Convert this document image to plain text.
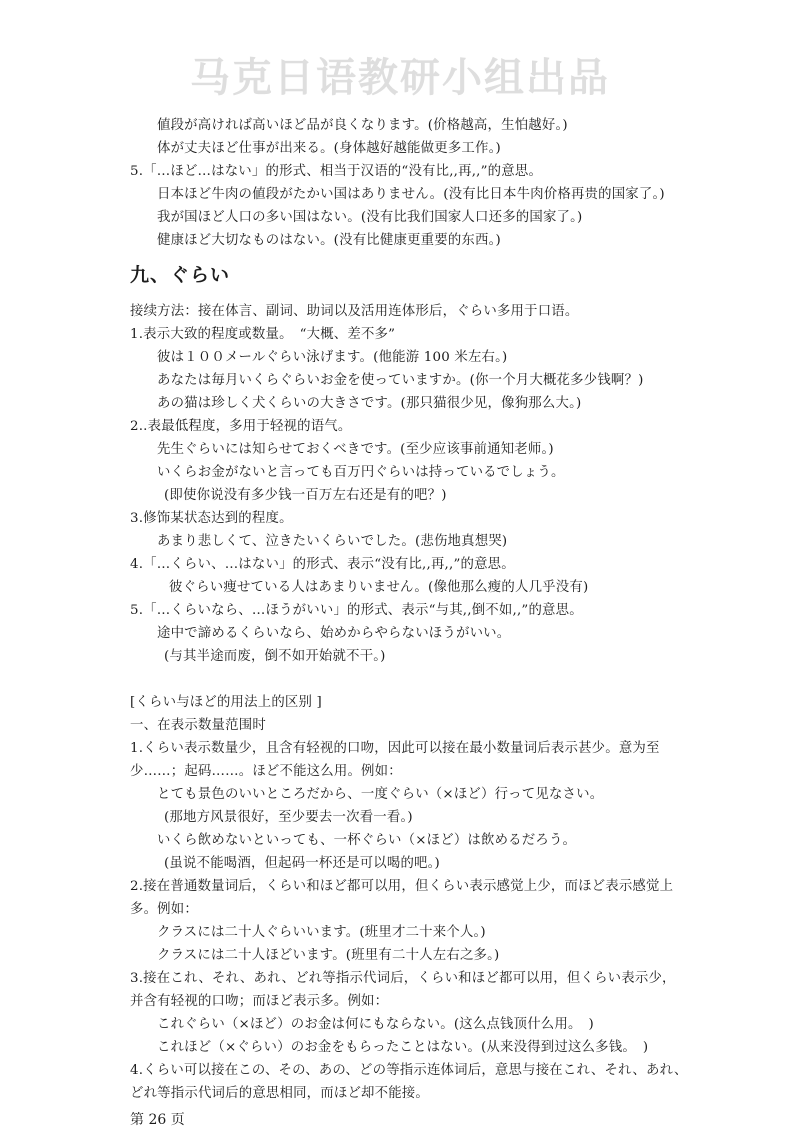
马克日语教研小组出品
値段が高ければ高いほど品が良くなります。(价格越高，生怕越好。)
体が丈夫ほど仕事が出来る。(身体越好越能做更多工作。)
5.「…ほど…はない」的形式、相当于汉语的“没有比,,再,,”的意思。
日本ほど牛肉の値段がたかい国はありません。(没有比日本牛肉价格再贵的国家了。)
我が国ほど人口の多い国はない。(没有比我们国家人口还多的国家了。)
健康ほど大切なものはない。(没有比健康更重要的东西。)
九、ぐらい
接续方法：接在体言、副词、助词以及活用连体形后，ぐらい多用于口语。
1.表示大致的程度或数量。　“大概、差不多”
彼は１００メールぐらい泳げます。(他能游 100 米左右。)
あなたは毎月いくらぐらいお金を使っていますか。(你一个月大概花多少钱啊？)
あの猫は珍しく犬くらいの大きさです。(那只猫很少见，像狗那么大。)
2..表最低程度，多用于轻视的语气。
先生ぐらいには知らせておくべきです。(至少应该事前通知老师。)
いくらお金がないと言っても百万円ぐらいは持っているでしょう。
(即使你说没有多少钱一百万左右还是有的吧？)
3.修饰某状态达到的程度。
あまり悲しくて、泣きたいくらいでした。(悲伤地真想哭)
4.「…くらい、…はない」的形式、表示“没有比,,再,,”的意思。
彼ぐらい痩せている人はあまりいません。(像他那么瘦的人几乎没有)
5.「…くらいなら、…ほうがいい」的形式、表示“与其,,倒不如,,”的意思。
途中で諦めるくらいなら、始めからやらないほうがいい。
(与其半途而废，倒不如开始就不干。)
[くらい与ほど的用法上的区别 ]
一、在表示数量范围时
1.くらい表示数量少，且含有轻视的口吻，因此可以接在最小数量词后表示甚少。意为至
少……；起码……。ほど不能这么用。例如：
とても景色のいいところだから、一度ぐらい（×ほど）行って见なさい。
(那地方风景很好，至少要去一次看一看。)
いくら飲めないといっても、一杯ぐらい（×ほど）は飲めるだろう。
(虽说不能喝酒，但起码一杯还是可以喝的吧。)
2.接在普通数量词后，くらい和ほど都可以用，但くらい表示感觉上少，而ほど表示感觉上
多。例如：
クラスには二十人ぐらいいます。(班里才二十来个人。)
クラスには二十人ほどいます。(班里有二十人左右之多。)
3.接在これ、それ、あれ、どれ等指示代词后，くらい和ほど都可以用，但くらい表示少，
并含有轻视的口吻；而ほど表示多。例如：
これぐらい（×ほど）のお金は何にもならない。(这么点钱顶什么用。　)
これほど（×ぐらい）のお金をもらったことはない。(从来没得到过这么多钱。　)
4.くらい可以接在この、その、あの、どの等指示连体词后，意思与接在これ、それ、あれ、
どれ等指示代词后的意思相同，而ほど却不能接。
第 26 页
